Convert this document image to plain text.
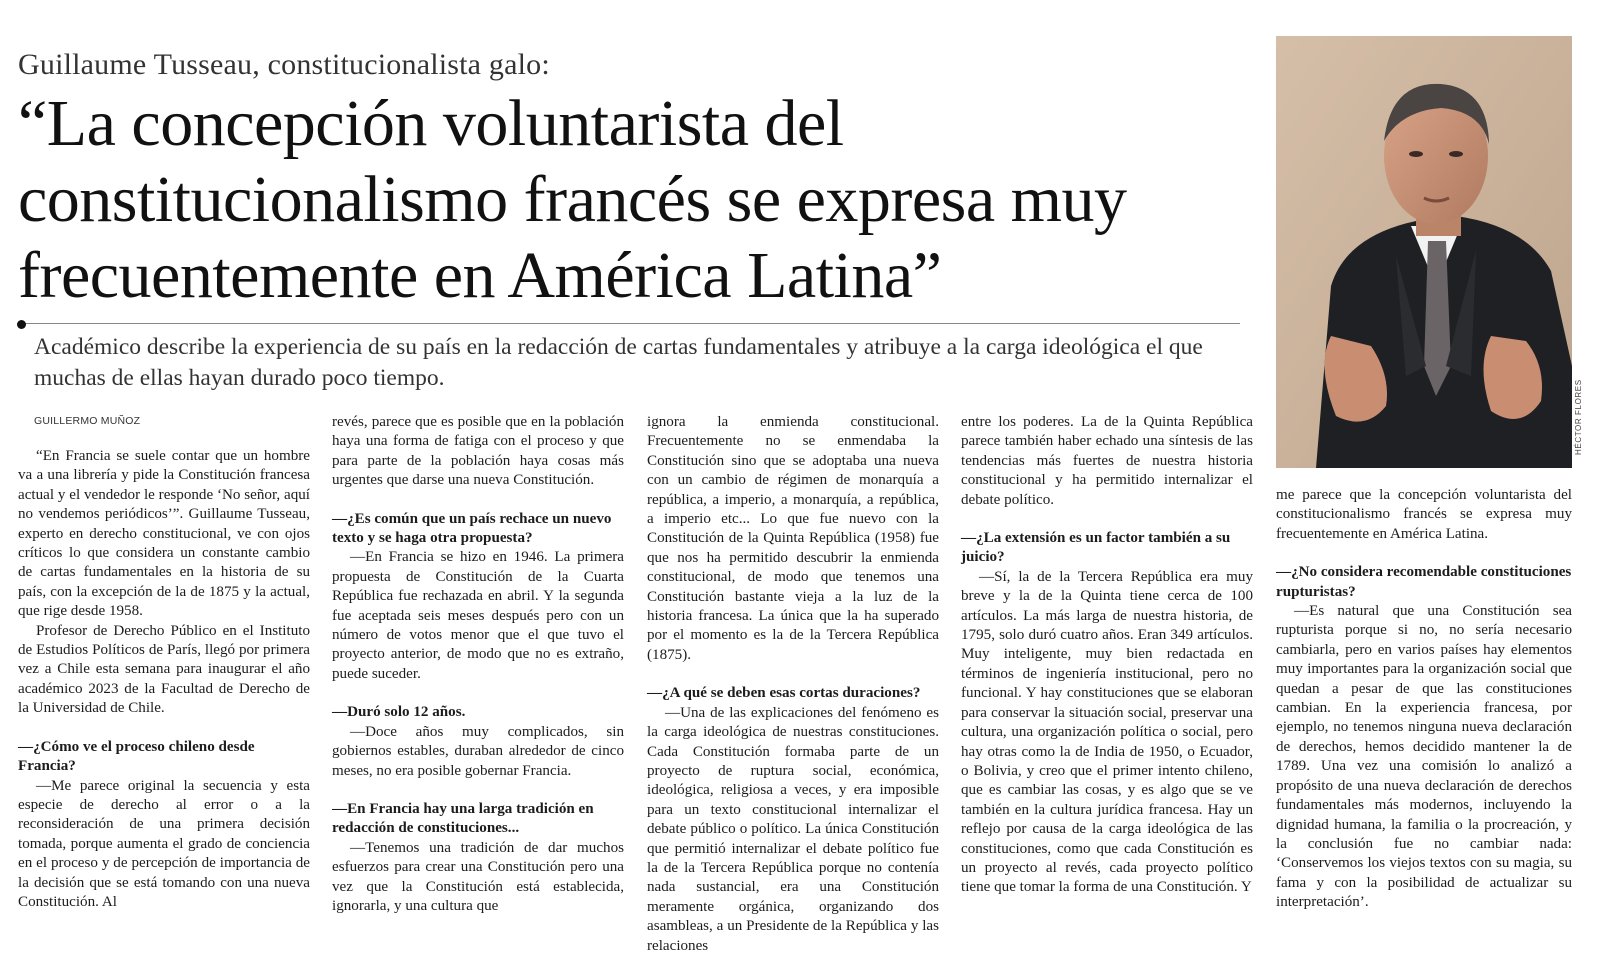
Guillaume Tusseau, constitucionalista galo:
“La concepción voluntarista del constitucionalismo francés se expresa muy frecuentemente en América Latina”
Académico describe la experiencia de su país en la redacción de cartas fundamentales y atribuye a la carga ideológica el que muchas de ellas hayan durado poco tiempo.
GUILLERMO MUÑOZ	HÉCTOR FLORES

“En Francia se suele contar que un hombre va a una librería y pide la Constitución francesa actual y el vendedor le responde ‘No señor, aquí no vendemos periódicos’”. Guillaume Tusseau, experto en derecho constitucional, ve con ojos críticos lo que considera un constante cambio de cartas fundamentales en la historia de su país, con la excepción de la de 1875 y la actual, que rige desde 1958.

Profesor de Derecho Público en el Instituto de Estudios Políticos de París, llegó por primera vez a Chile esta semana para inaugurar el año académico 2023 de la Facultad de Derecho de la Universidad de Chile.

—¿Cómo ve el proceso chileno desde Francia?

—Me parece original la secuencia y esta especie de derecho al error o a la reconsideración de una primera decisión tomada, porque aumenta el grado de conciencia en el proceso y de percepción de importancia de la decisión que se está tomando con una nueva Constitución. Al

revés, parece que es posible que en la población haya una forma de fatiga con el proceso y que para parte de la población haya cosas más urgentes que darse una nueva Constitución.

—¿Es común que un país rechace un nuevo texto y se haga otra propuesta?

—En Francia se hizo en 1946. La primera propuesta de Constitución de la Cuarta República fue rechazada en abril. Y la segunda fue aceptada seis meses después pero con un número de votos menor que el que tuvo el proyecto anterior, de modo que no es extraño, puede suceder.

—Duró solo 12 años.

—Doce años muy complicados, sin gobiernos estables, duraban alrededor de cinco meses, no era posible gobernar Francia.

—En Francia hay una larga tradición en redacción de constituciones...

—Tenemos una tradición de dar muchos esfuerzos para crear una Constitución pero una vez que la Constitución está establecida, ignorarla, y una cultura que

ignora la enmienda constitucional. Frecuentemente no se enmendaba la Constitución sino que se adoptaba una nueva con un cambio de régimen de monarquía a república, a imperio, a monarquía, a república, a imperio etc... Lo que fue nuevo con la Constitución de la Quinta República (1958) fue que nos ha permitido descubrir la enmienda constitucional, de modo que tenemos una Constitución bastante vieja a la luz de la historia francesa. La única que la ha superado por el momento es la de la Tercera República (1875).

—¿A qué se deben esas cortas duraciones?

—Una de las explicaciones del fenómeno es la carga ideológica de nuestras constituciones. Cada Constitución formaba parte de un proyecto de ruptura social, económica, ideológica, religiosa a veces, y era imposible para un texto constitucional internalizar el debate público o político. La única Constitución que permitió internalizar el debate político fue la de la Tercera República porque no contenía nada sustancial, era una Constitución meramente orgánica, organizando dos asambleas, a un Presidente de la República y las relaciones

entre los poderes. La de la Quinta República parece también haber echado una síntesis de las tendencias más fuertes de nuestra historia constitucional y ha permitido internalizar el debate político.

—¿La extensión es un factor también a su juicio?

—Sí, la de la Tercera República era muy breve y la de la Quinta tiene cerca de 100 artículos. La más larga de nuestra historia, de 1795, solo duró cuatro años. Eran 349 artículos. Muy inteligente, muy bien redactada en términos de ingeniería institucional, pero no funcional. Y hay constituciones que se elaboran para conservar la situación social, preservar una cultura, una organización política o social, pero hay otras como la de India de 1950, o Ecuador, o Bolivia, y creo que el primer intento chileno, que es cambiar las cosas, y es algo que se ve también en la cultura jurídica francesa. Hay un reflejo por causa de la carga ideológica de las constituciones, como que cada Constitución es un proyecto al revés, cada proyecto político tiene que tomar la forma de una Constitución. Y

me parece que la concepción voluntarista del constitucionalismo francés se expresa muy frecuentemente en América Latina.

—¿No considera recomendable constituciones rupturistas?

—Es natural que una Constitución sea rupturista porque si no, no sería necesario cambiarla, pero en varios países hay elementos muy importantes para la organización social que quedan a pesar de que las constituciones cambian. En la experiencia francesa, por ejemplo, no tenemos ninguna nueva declaración de derechos, hemos decidido mantener la de 1789. Una vez una comisión lo analizó a propósito de una nueva declaración de derechos fundamentales más modernos, incluyendo la dignidad humana, la familia o la procreación, y la conclusión fue no cambiar nada: ‘Conservemos los viejos textos con su magia, su fama y con la posibilidad de actualizar su interpretación’.
